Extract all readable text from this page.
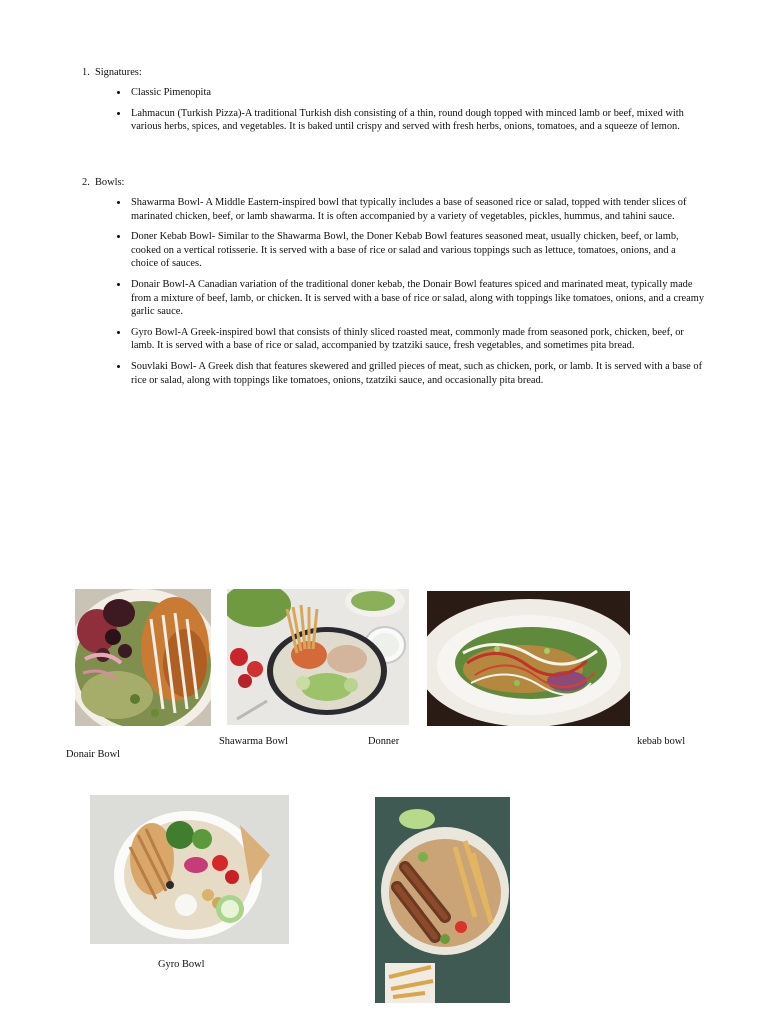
1. Signatures:
Classic Pimenopita
Lahmacun (Turkish Pizza)-A traditional Turkish dish consisting of a thin, round dough topped with minced lamb or beef, mixed with various herbs, spices, and vegetables. It is baked until crispy and served with fresh herbs, onions, tomatoes, and a squeeze of lemon.
2. Bowls:
Shawarma Bowl- A Middle Eastern-inspired bowl that typically includes a base of seasoned rice or salad, topped with tender slices of marinated chicken, beef, or lamb shawarma. It is often accompanied by a variety of vegetables, pickles, hummus, and tahini sauce.
Doner Kebab Bowl- Similar to the Shawarma Bowl, the Doner Kebab Bowl features seasoned meat, usually chicken, beef, or lamb, cooked on a vertical rotisserie. It is served with a base of rice or salad and various toppings such as lettuce, tomatoes, onions, and a choice of sauces.
Donair Bowl-A Canadian variation of the traditional doner kebab, the Donair Bowl features spiced and marinated meat, typically made from a mixture of beef, lamb, or chicken. It is served with a base of rice or salad, along with toppings like tomatoes, onions, and a creamy garlic sauce.
Gyro Bowl-A Greek-inspired bowl that consists of thinly sliced roasted meat, commonly made from seasoned pork, chicken, beef, or lamb. It is served with a base of rice or salad, accompanied by tzatziki sauce, fresh vegetables, and sometimes pita bread.
Souvlaki Bowl- A Greek dish that features skewered and grilled pieces of meat, such as chicken, pork, or lamb. It is served with a base of rice or salad, along with toppings like tomatoes, onions, tzatziki sauce, and occasionally pita bread.
Shawarma Bowl	Donner	kebab bowl
Donair Bowl
Gyro Bowl
